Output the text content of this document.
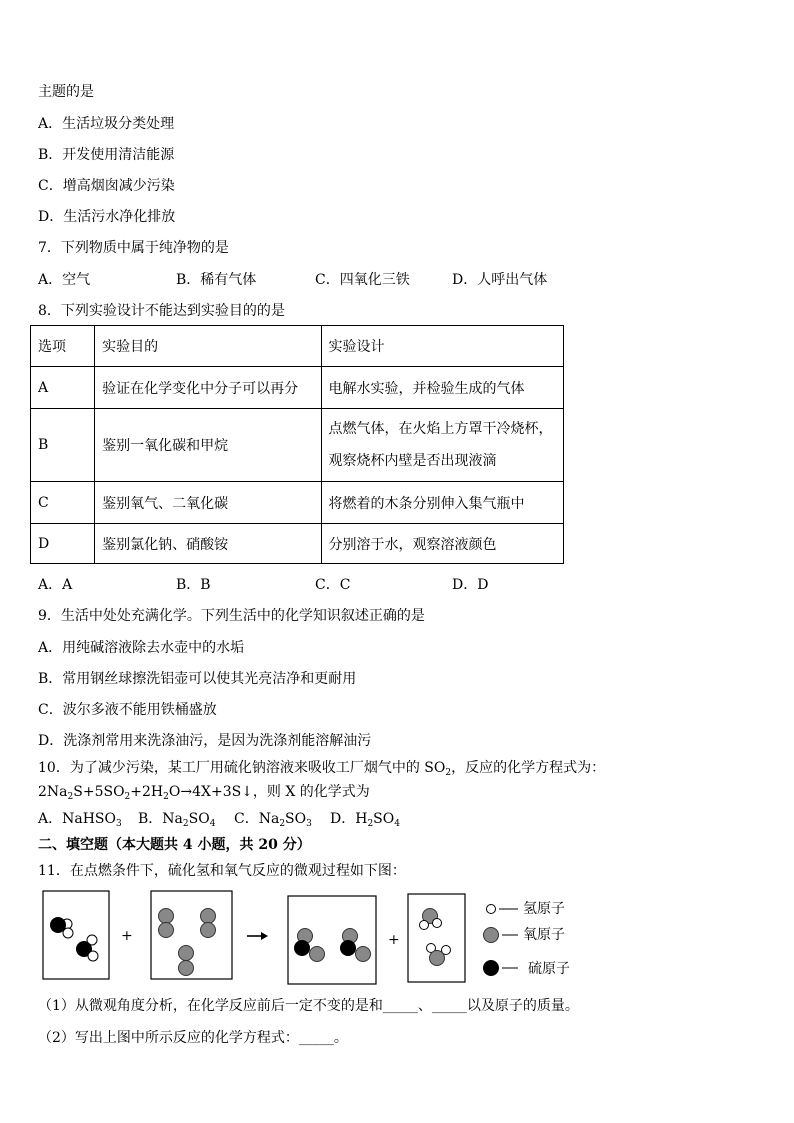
主题的是
A．生活垃圾分类处理
B．开发使用清洁能源
C．增高烟囱减少污染
D．生活污水净化排放
7．下列物质中属于纯净物的是
A．空气	B．稀有气体	C．四氧化三铁	D．人呼出气体
8．下列实验设计不能达到实验目的的是
选项	实验目的	实验设计
A	验证在化学变化中分子可以再分	电解水实验，并检验生成的气体
B	鉴别一氧化碳和甲烷	点燃气体，在火焰上方罩干冷烧杯，
观察烧杯内壁是否出现液滴

C	鉴别氧气、二氧化碳	将燃着的木条分别伸入集气瓶中
D	鉴别氯化钠、硝酸铵	分别溶于水，观察溶液颜色
A．A	B．B	C．C	D．D
9．生活中处处充满化学。下列生活中的化学知识叙述正确的是
A．用纯碱溶液除去水壶中的水垢
B．常用钢丝球擦洗铝壶可以使其光亮洁净和更耐用
C．波尔多液不能用铁桶盛放
D．洗涤剂常用来洗涤油污，是因为洗涤剂能溶解油污
10．为了减少污染，某工厂用硫化钠溶液来吸收工厂烟气中的 $SO_2$，反应的化学方程式为：
$2Na_2S+5SO_2+2H_2O\to 4X+3S↓$，则 X 的化学式为
A．NaHSO$_3$ B．$Na_2SO_4$ C．$Na_2SO_3$ D．$H_2SO_4$
二、填空题（本大题共 4 小题，共 20 分）
11．在点燃条件下，硫化氢和氧气反应的微观过程如下图：
+	+
氢原子
氧原子
硫原子
（1）从微观角度分析，在化学反应前后一定不变的是和_____、_____以及原子的质量。
（2）写出上图中所示反应的化学方程式：_____。
